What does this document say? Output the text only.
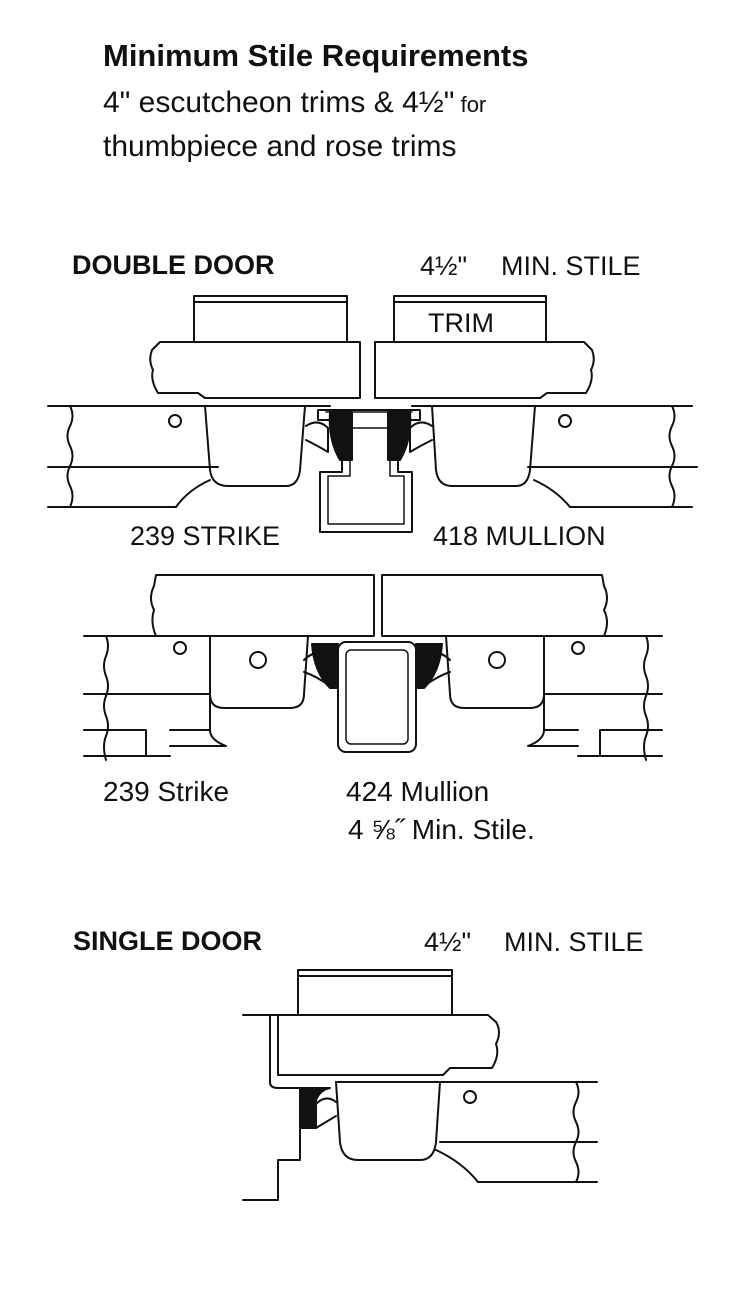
Minimum Stile Requirements
4" escutcheon trims & 4½" for
thumbpiece and rose trims
DOUBLE DOOR	4½" MIN. STILE
TRIM
239 STRIKE	418 MULLION
239 Strike	424 Mullion
4 ⅝˝ Min. Stile.
SINGLE DOOR	4½" MIN. STILE
